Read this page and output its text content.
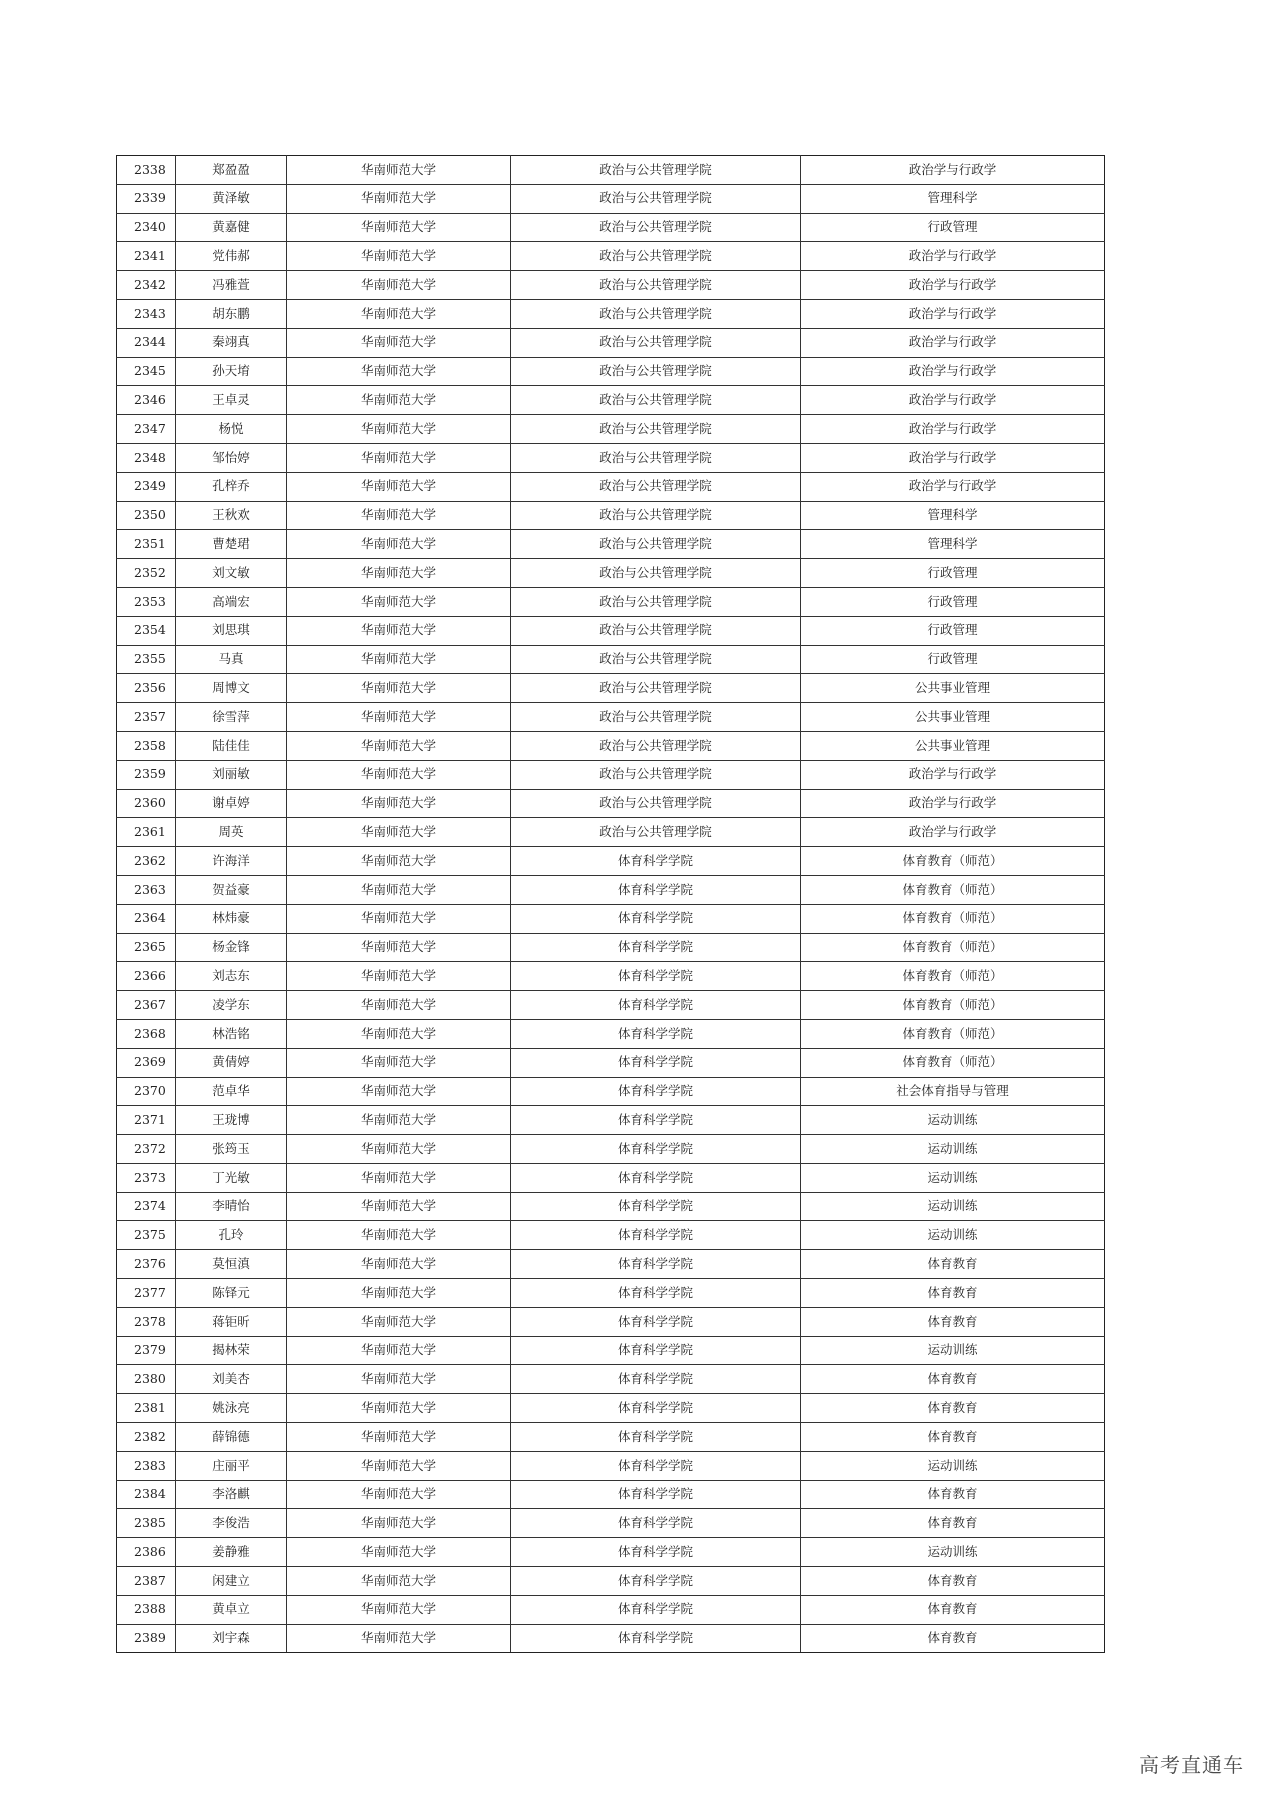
2338	郑盈盈	华南师范大学	政治与公共管理学院	政治学与行政学
2339	黄泽敏	华南师范大学	政治与公共管理学院	管理科学
2340	黄嘉健	华南师范大学	政治与公共管理学院	行政管理
2341	党伟郝	华南师范大学	政治与公共管理学院	政治学与行政学
2342	冯雅萱	华南师范大学	政治与公共管理学院	政治学与行政学
2343	胡东鹏	华南师范大学	政治与公共管理学院	政治学与行政学
2344	秦翊真	华南师范大学	政治与公共管理学院	政治学与行政学
2345	孙天堉	华南师范大学	政治与公共管理学院	政治学与行政学
2346	王卓灵	华南师范大学	政治与公共管理学院	政治学与行政学
2347	杨悦	华南师范大学	政治与公共管理学院	政治学与行政学
2348	邹怡婷	华南师范大学	政治与公共管理学院	政治学与行政学
2349	孔梓乔	华南师范大学	政治与公共管理学院	政治学与行政学
2350	王秋欢	华南师范大学	政治与公共管理学院	管理科学
2351	曹楚珺	华南师范大学	政治与公共管理学院	管理科学
2352	刘文敏	华南师范大学	政治与公共管理学院	行政管理
2353	高端宏	华南师范大学	政治与公共管理学院	行政管理
2354	刘思琪	华南师范大学	政治与公共管理学院	行政管理
2355	马真	华南师范大学	政治与公共管理学院	行政管理
2356	周博文	华南师范大学	政治与公共管理学院	公共事业管理
2357	徐雪萍	华南师范大学	政治与公共管理学院	公共事业管理
2358	陆佳佳	华南师范大学	政治与公共管理学院	公共事业管理
2359	刘丽敏	华南师范大学	政治与公共管理学院	政治学与行政学
2360	谢卓婷	华南师范大学	政治与公共管理学院	政治学与行政学
2361	周英	华南师范大学	政治与公共管理学院	政治学与行政学
2362	许海洋	华南师范大学	体育科学学院	体育教育（师范）
2363	贺益豪	华南师范大学	体育科学学院	体育教育（师范）
2364	林炜豪	华南师范大学	体育科学学院	体育教育（师范）
2365	杨金锋	华南师范大学	体育科学学院	体育教育（师范）
2366	刘志东	华南师范大学	体育科学学院	体育教育（师范）
2367	凌学东	华南师范大学	体育科学学院	体育教育（师范）
2368	林浩铭	华南师范大学	体育科学学院	体育教育（师范）
2369	黄倩婷	华南师范大学	体育科学学院	体育教育（师范）
2370	范卓华	华南师范大学	体育科学学院	社会体育指导与管理
2371	王珑博	华南师范大学	体育科学学院	运动训练
2372	张筠玉	华南师范大学	体育科学学院	运动训练
2373	丁光敏	华南师范大学	体育科学学院	运动训练
2374	李晴怡	华南师范大学	体育科学学院	运动训练
2375	孔玲	华南师范大学	体育科学学院	运动训练
2376	莫恒滇	华南师范大学	体育科学学院	体育教育
2377	陈铎元	华南师范大学	体育科学学院	体育教育
2378	蒋钜昕	华南师范大学	体育科学学院	体育教育
2379	揭林荣	华南师范大学	体育科学学院	运动训练
2380	刘美杏	华南师范大学	体育科学学院	体育教育
2381	姚泳亮	华南师范大学	体育科学学院	体育教育
2382	薛锦德	华南师范大学	体育科学学院	体育教育
2383	庄丽平	华南师范大学	体育科学学院	运动训练
2384	李洛麒	华南师范大学	体育科学学院	体育教育
2385	李俊浩	华南师范大学	体育科学学院	体育教育
2386	姜静雅	华南师范大学	体育科学学院	运动训练
2387	闲建立	华南师范大学	体育科学学院	体育教育
2388	黄卓立	华南师范大学	体育科学学院	体育教育
2389	刘宇森	华南师范大学	体育科学学院	体育教育
高考直通车
